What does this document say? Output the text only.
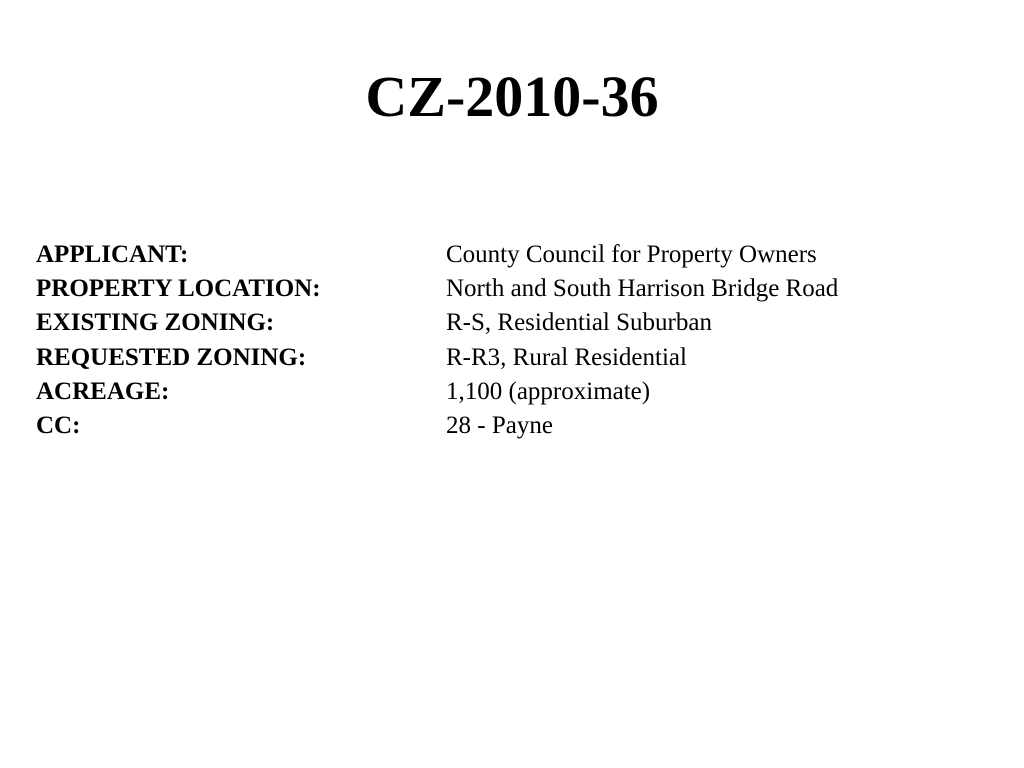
CZ-2010-36
APPLICANT:	County Council for Property Owners
PROPERTY LOCATION:	North and South Harrison Bridge Road
EXISTING ZONING:	R-S, Residential Suburban
REQUESTED ZONING:	R-R3, Rural Residential
ACREAGE:	1,100 (approximate)
CC:	28 - Payne
